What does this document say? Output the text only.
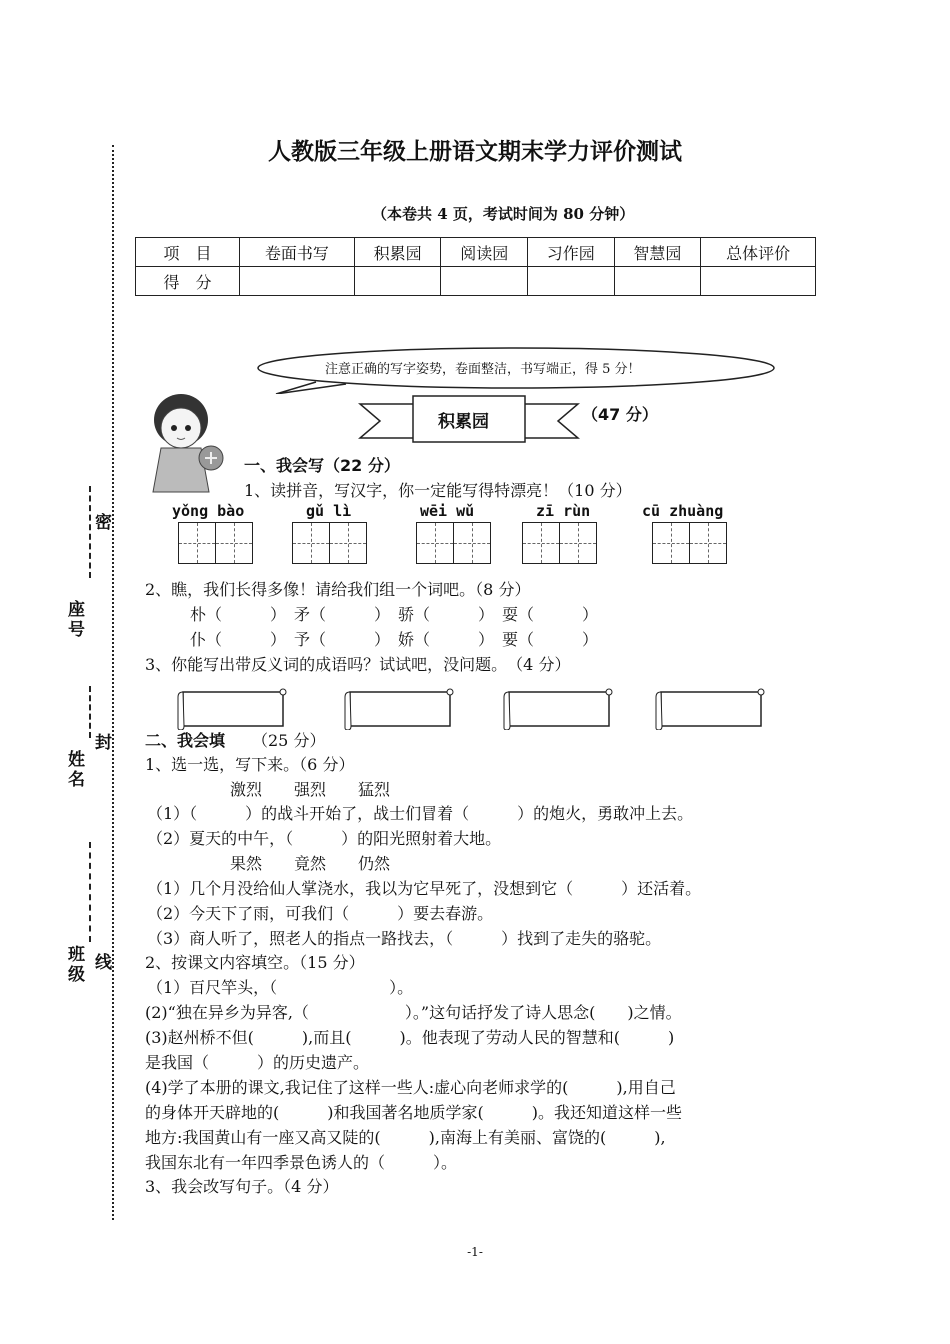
人教版三年级上册语文期末学力评价测试
（本卷共 4 页，考试时间为 80 分钟）
项　目	卷面书写	积累园	阅读园	习作园	智慧园	总体评价
得　分						
座号
姓名
班级
密
封
线
注意正确的写字姿势，卷面整洁，书写端正，得 5 分！
积累园	（47 分）
一、我会写（22 分）
1、读拼音，写汉字，你一定能写得特漂亮！（10 分）
yǒng bào	gǔ lì	wēi wǔ	zī rùn	cū zhuàng
2、瞧，我们长得多像！请给我们组一个词吧。（8 分）
朴（　　　）　矛（　　　）　骄（　　　）　耍（　　　）
仆（　　　）　予（　　　）　娇（　　　）　要（　　　）
3、你能写出带反义词的成语吗？试试吧，没问题。　（4 分）
二、我会填 （25 分）
1、选一选，写下来。（6 分）
激烈　　强烈　　猛烈
（1）（　　　）的战斗开始了，战士们冒着（　　　）的炮火，勇敢冲上去。
（2）夏天的中午，（　　　）的阳光照射着大地。
果然　　竟然　　仍然
（1）几个月没给仙人掌浇水，我以为它早死了，没想到它（　　　）还活着。
（2）今天下了雨，可我们（　　　）要去春游。
（3）商人听了，照老人的指点一路找去，（　　　）找到了走失的骆驼。
2、按课文内容填空。（15 分）
（1）百尺竿头，（　　　　　　　）。
(2)“独在异乡为异客,（　　　　　　）。”这句话抒发了诗人思念(　　)之情。
(3)赵州桥不但(　　　),而且(　　　)。他表现了劳动人民的智慧和(　　　)
是我国（　　　）的历史遗产。
(4)学了本册的课文,我记住了这样一些人:虚心向老师求学的(　　　),用自己
的身体开天辟地的(　　　)和我国著名地质学家(　　　)。我还知道这样一些
地方:我国黄山有一座又高又陡的(　　　),南海上有美丽、富饶的(　　　),
我国东北有一年四季景色诱人的（　　　）。
3、我会改写句子。（4 分）
-1-
